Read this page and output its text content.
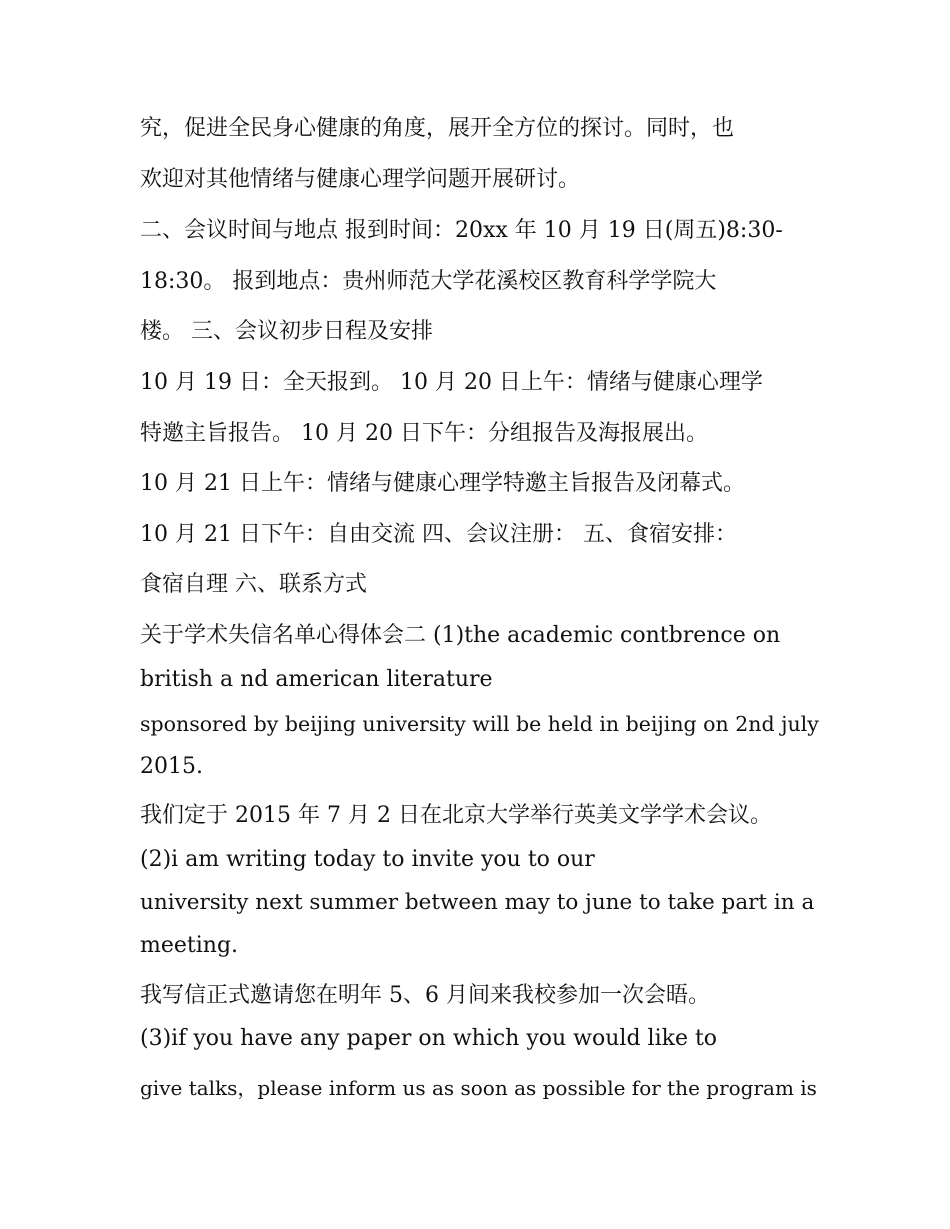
究，促进全民身心健康的角度，展开全方位的探讨。同时，也
欢迎对其他情绪与健康心理学问题开展研讨。
二、会议时间与地点 报到时间：20xx 年 10 月 19 日(周五)8:30-
18:30。 报到地点：贵州师范大学花溪校区教育科学学院大
楼。 三、会议初步日程及安排
10 月 19 日：全天报到。 10 月 20 日上午：情绪与健康心理学
特邀主旨报告。 10 月 20 日下午：分组报告及海报展出。
10 月 21 日上午：情绪与健康心理学特邀主旨报告及闭幕式。
10 月 21 日下午：自由交流 四、会议注册： 五、食宿安排：
食宿自理 六、联系方式
关于学术失信名单心得体会二 (1)the academic contbrence on
british a nd american literature
sponsored by beijing university will be held in beijing on 2nd july
2015.
我们定于 2015 年 7 月 2 日在北京大学举行英美文学学术会议。
(2)i am writing today to invite you to our
university next summer between may to june to take part in a
meeting.
我写信正式邀请您在明年 5、6 月间来我校参加一次会晤。
(3)if you have any paper on which you would like to
give talks，please inform us as soon as possible for the program is
